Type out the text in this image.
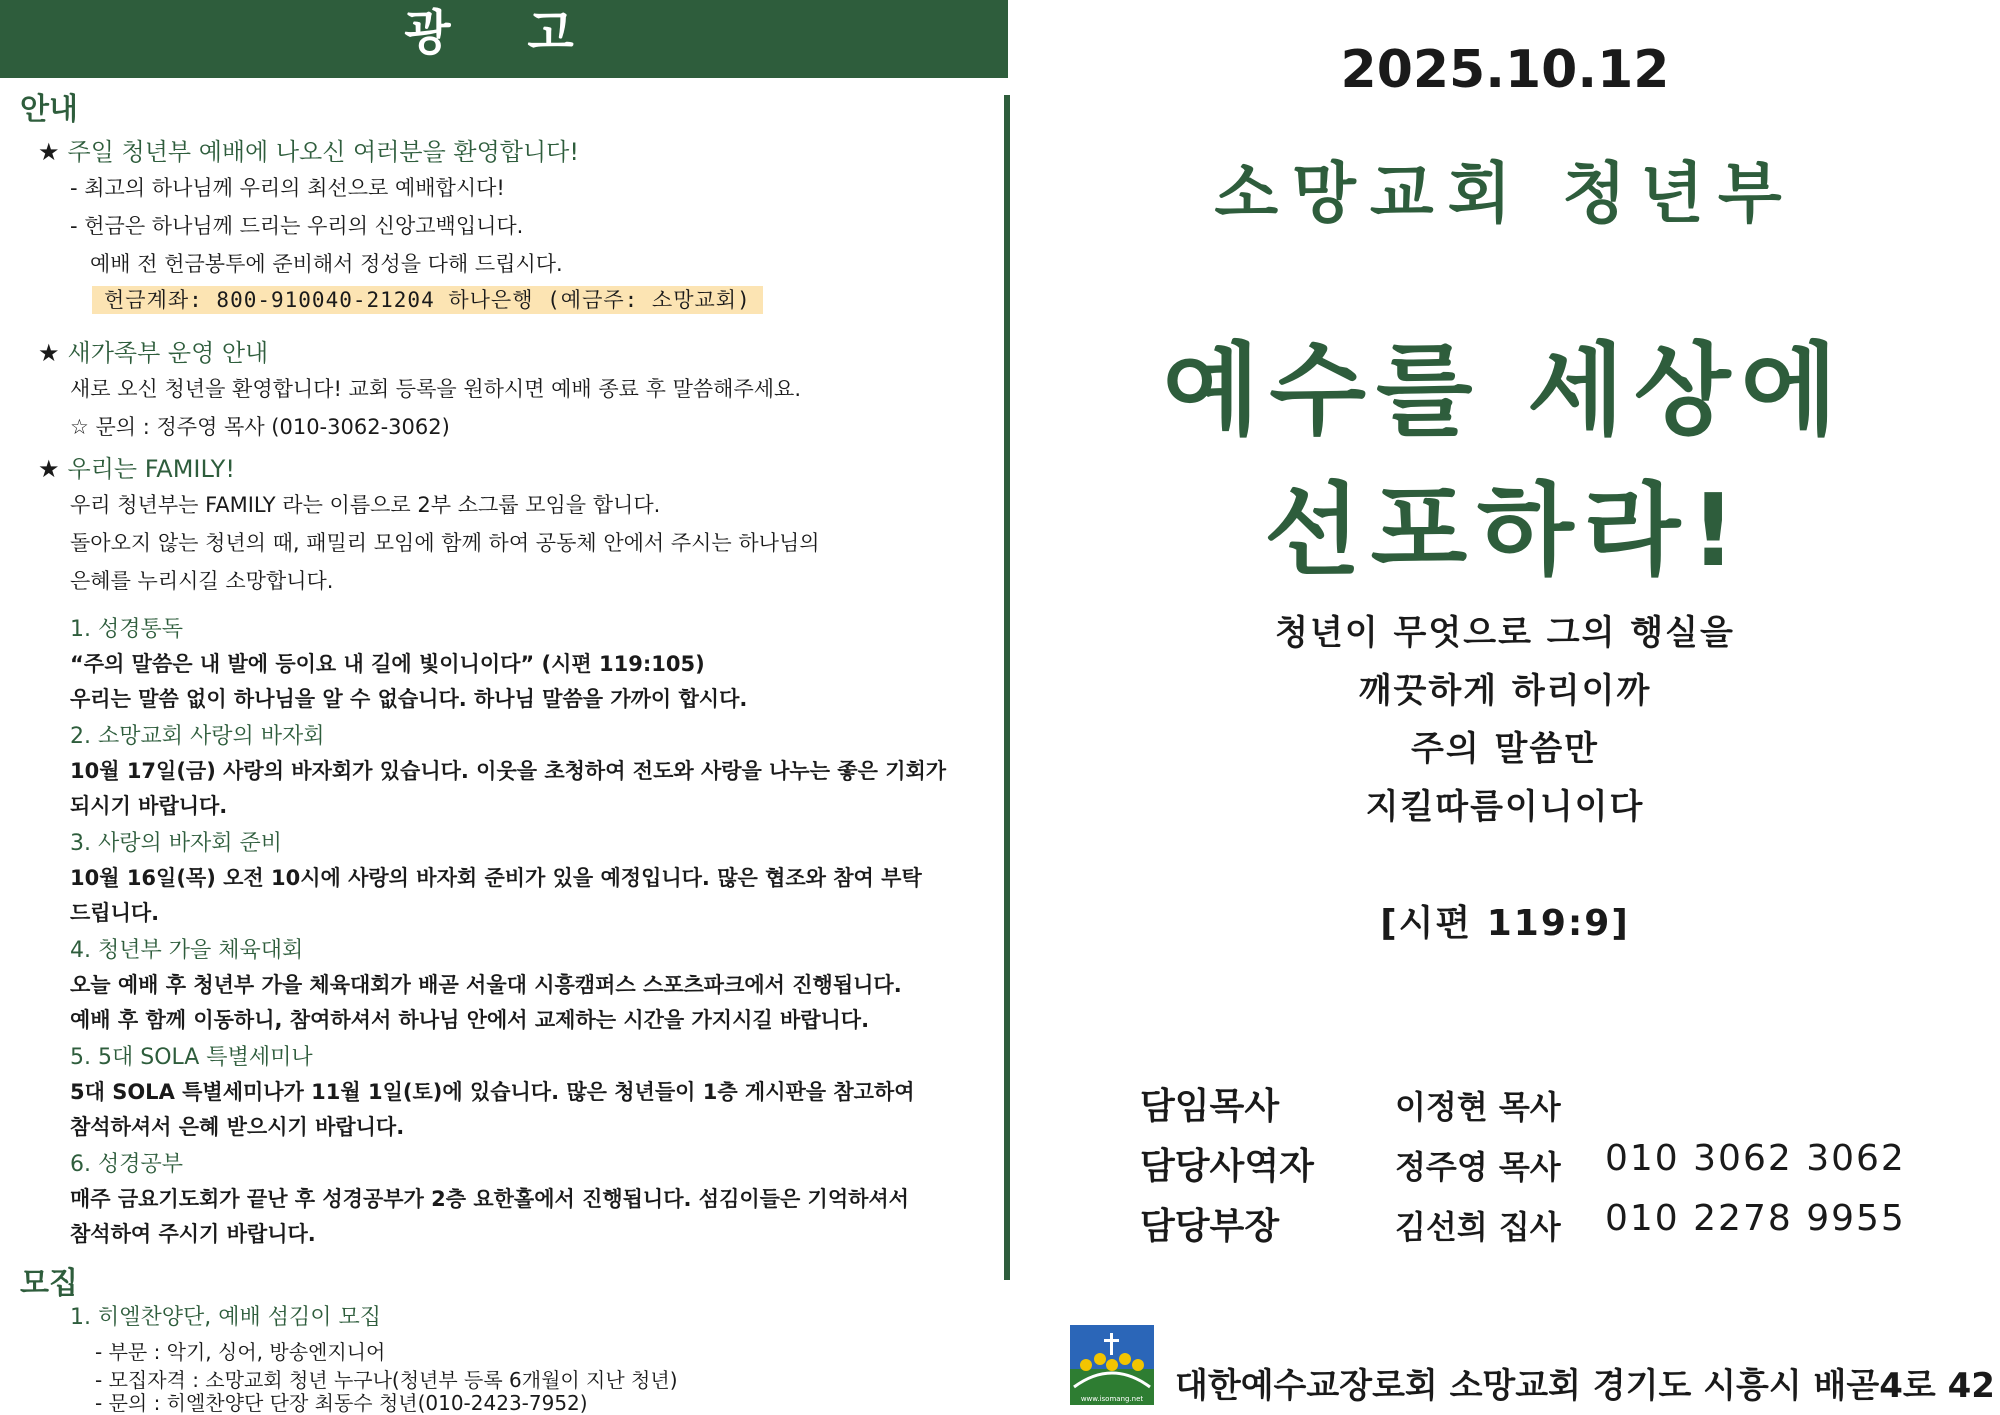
광 고
안내
★ 주일 청년부 예배에 나오신 여러분을 환영합니다!
- 최고의 하나님께 우리의 최선으로 예배합시다!
- 헌금은 하나님께 드리는 우리의 신앙고백입니다.
예배 전 헌금봉투에 준비해서 정성을 다해 드립시다.
헌금계좌: 800-910040-21204 하나은행 (예금주: 소망교회)
★ 새가족부 운영 안내
새로 오신 청년을 환영합니다! 교회 등록을 원하시면 예배 종료 후 말씀해주세요.
☆ 문의 : 정주영 목사 (010-3062-3062)
★ 우리는 FAMILY!
우리 청년부는 FAMILY 라는 이름으로 2부 소그룹 모임을 합니다.
돌아오지 않는 청년의 때, 패밀리 모임에 함께 하여 공동체 안에서 주시는 하나님의
은혜를 누리시길 소망합니다.
1. 성경통독
“주의 말씀은 내 발에 등이요 내 길에 빛이니이다” (시편 119:105)
우리는 말씀 없이 하나님을 알 수 없습니다. 하나님 말씀을 가까이 합시다.
2. 소망교회 사랑의 바자회
10월 17일(금) 사랑의 바자회가 있습니다. 이웃을 초청하여 전도와 사랑을 나누는 좋은 기회가
되시기 바랍니다.
3. 사랑의 바자회 준비
10월 16일(목) 오전 10시에 사랑의 바자회 준비가 있을 예정입니다. 많은 협조와 참여 부탁
드립니다.
4. 청년부 가을 체육대회
오늘 예배 후 청년부 가을 체육대회가 배곧 서울대 시흥캠퍼스 스포츠파크에서 진행됩니다.
예배 후 함께 이동하니, 참여하셔서 하나님 안에서 교제하는 시간을 가지시길 바랍니다.
5. 5대 SOLA 특별세미나
5대 SOLA 특별세미나가 11월 1일(토)에 있습니다. 많은 청년들이 1층 게시판을 참고하여
참석하셔서 은혜 받으시기 바랍니다.
6. 성경공부
매주 금요기도회가 끝난 후 성경공부가 2층 요한홀에서 진행됩니다. 섬김이들은 기억하셔서
참석하여 주시기 바랍니다.
모집
1. 히엘찬양단, 예배 섬김이 모집
- 부문 : 악기, 싱어, 방송엔지니어
- 모집자격 : 소망교회 청년 누구나(청년부 등록 6개월이 지난 청년)
- 문의 : 히엘찬양단 단장 최동수 청년(010-2423-7952)
2025.10.12
소망교회 청년부
예수를 세상에
선포하라!
청년이 무엇으로 그의 행실을
깨끗하게 하리이까
주의 말씀만
지킬따름이니이다
[시편 119:9]
담임목사	이정현 목사
담당사역자	정주영 목사 010 3062 3062
담당부장	김선희 집사 010 2278 9955
www.isomang.net 대한예수교장로회 소망교회 경기도 시흥시 배곧4로 42
